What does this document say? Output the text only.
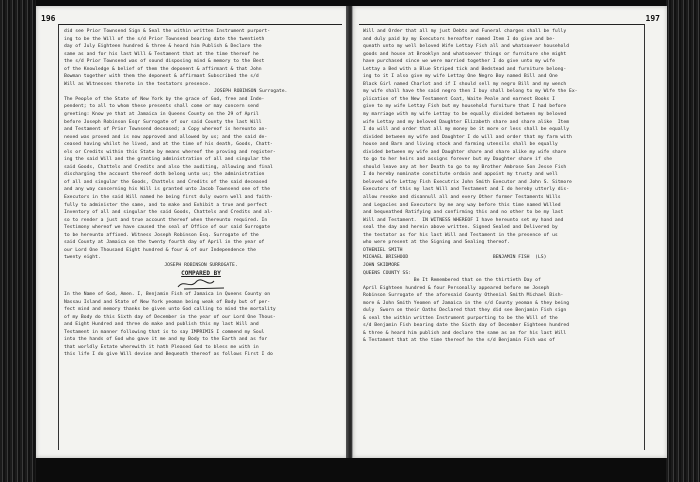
196
did see Prior Townsend Sign & Seal the within written Instrument purport-
ing to be the Will of the s/d Prior Townsend bearing date the twentieth
day of July Eighteen hundred & three & heard him Publish & Declare the
same as and for his last Will & Testament that at the time thereof he
the s/d Prior Townsend was of sound disposing mind & memory to the Best
of the Knowledge & belief of them the deponent & affirmant & that John
Bowman together with them the deponent & affirmant Subscribed the s/d
Will as Witnesses thereto in the testators presence.
JOSEPH ROBINSON Surrogate.
The People of the State of New York by the grace of God, free and Inde-
pendent; to all to whom these presents shall come or may concern send
greeting: Know ye that at Jamaica in Queens County on the 29 of April
before Joseph Robinson Esqr Surrogate of our said County the last Will
and Testament of Prior Townsend deceased; a Copy whereof is hereunto an-
nexed was proved and is now approved and allowed by us; and the said de-
ceased having whilst he lived, and at the time of his death, Goods, Chatt-
els or Credits within this State by means whereof the proving and register-
ing the said Will and the granting administration of all and singular the
said Goods, Chattels and Credits and also the auditing, allowing and final
discharging the account thereof doth belong unto us; the administration
of all and singular the Goods, Chattels and Credits of the said deceased
and any way concerning his Will is granted unto Jacob Townsend one of the
Executors in the said Will named he being first duly sworn well and faith-
fully to administer the same, and to make and Exhibit a true and perfect
Inventory of all and singular the said Goods, Chattels and Credits and al-
so to render a just and true account thereof when thereunto required. In
Testimony whereof we have caused the seal of Office of our said Surrogate
to be hereunto affixed. Witness Joseph Robinson Esq. Surrogate of the
said County at Jamaica on the twenty fourth day of April in the year of
our Lord One Thousand Eight hundred & four & of our Independence the
twenty eight.
JOSEPH ROBINSON SURROGATE.
COMPARED BY
In the Name of God, Amen. I, Benjamin Fish of Jamaica in Queens County on
Nassau Island and State of New York yeoman being weak of Body but of per-
fect mind and memory thanks be given unto God calling to mind the mortality
of my Body do this Sixth day of December in the year of our Lord One Thous-
and Eight Hundred and three do make and publish this my last Will and
Testament in manner following that is to say IMPRIMIS I commend my Soul
into the hands of God who gave it me and my Body to the Earth and as for
that worldly Estate wherewith it hath Pleased God to bless me with in
this life I do give Will devise and Bequeath thereof as follows First I do
197
Will and Order that all my just Debts and Funeral charges shall be fully
and duly paid by my Executors hereafter named Item I do give and be-
queath unto my well beloved Wife Lettay Fish all and whatsoever household
goods and house at Brooklyn and whatsoever things or furniture she might
have purchased since we were married together I do give unto my wife
Lettay a Bed with a Blue Striped tick and Bedstead and furniture belong-
ing to it I also give my wife Lettay One Negro Boy named Bill and One
Black Girl named Charlot and if I should sell my negro Bill and my wench
my wife shall have the said negro then I buy shall belong to my Wife the Ex-
plication of the New Testament Coat, Waite Peale and earnest Books I
give to my wife Lettay Fish but my household furniture that I had before
my marriage with my wife Lettay to be equally divided between my beloved
wife Lettay and my beloved Daughter Elizabeth share and share alike  Item
I do will and order that all my money be it more or less shall be equally
divided between my wife and Daughter I do will and order that my farm with
house and Barn and living stock and farming utensils shall be equally
divided between my wife and Daughter share and share alike my wife share
to go to her heirs and assigns forever but my Daughter share if she
should leave any at her Death to go to my Brother Ambrose Son Jesse Fish
I do hereby nominate constitute ordain and appoint my trusty and well
beloved wife Lettay Fish Executrix John Smith Executor and John S. Sitmore
Executors of this my last Will and Testament and I do hereby utterly dis-
allow revoke and disannull all and every Other former Testaments Wills
and Legacies and Executors by me any way before this time named Willed
and bequeathed Ratifying and confirming this and no other to be my last
Will and Testament.  IN WITNESS WHEREOF I have hereunto set my hand and
seal the day and herein above written. Signed Sealed and Delivered by
the testator as for his last Will and Testament in the presence of us
who were present at the Signing and Sealing thereof.
OTHENIEL SMITH
MICHAEL BRISHOOD                              BENJAMIN FISH  (LS)
JOHN SKIDMORE
QUEENS COUNTY SS:
Be It Remembered that on the thirtieth Day of
April Eighteen hundred & four Personally appeared before me Joseph
Robinson Surrogate of the aforesaid County Othenial Smith Michael Bish-
more & John Smith Yeomen of Jamaica in the s/d County yeoman & they being
duly  Sworn on their Oaths Declared that they did see Benjamin Fish sign
& seal the within written Instrument purporting to be the Will of the
s/d Benjamin Fish bearing date the Sixth day of December Eighteen hundred
& three & heard him publish and declare the same as an for his last Will
& Testament that at the time thereof he the s/d Benjamin Fish was of
